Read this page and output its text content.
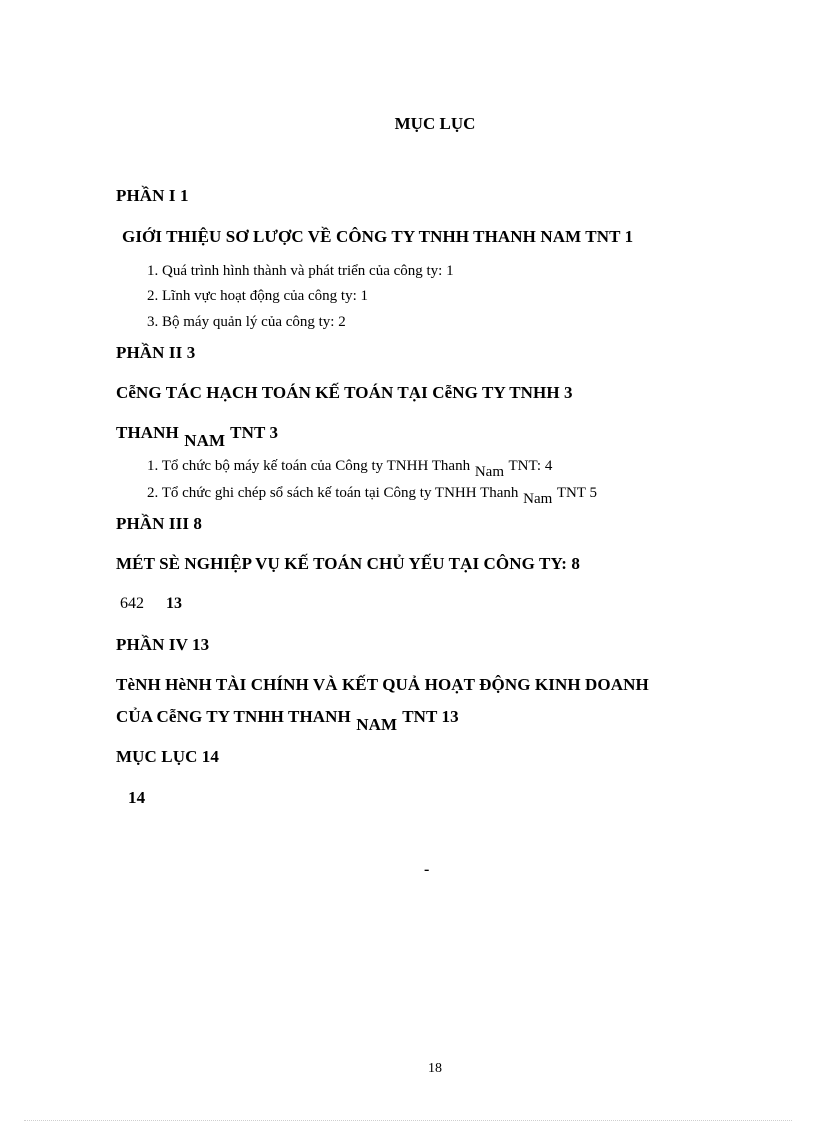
MỤC LỤC
PHẦN I 1
GIỚI THIỆU SƠ LƯỢC VỀ CÔNG TY TNHH THANH NAM TNT 1
1. Quá trình hình thành và phát triển của công ty: 1
2. Lĩnh vực hoạt động của công ty: 1
3. Bộ máy quản lý của công ty: 2
PHẦN II 3
CễNG TÁC HẠCH TOÁN KẾ TOÁN TẠI CễNG TY TNHH 3
THANH NAM TNT 3
1. Tổ chức bộ máy kế toán của Công ty TNHH Thanh Nam TNT: 4
2. Tổ chức ghi chép sổ sách kế toán tại Công ty TNHH Thanh Nam TNT 5
PHẦN III 8
MÉT SÈ NGHIỆP VỤ KẾ TOÁN CHỦ YẾU TẠI CÔNG TY: 8
642 13
PHẦN IV 13
TèNH HèNH TÀI CHÍNH VÀ KẾT QUẢ HOẠT ĐỘNG KINH DOANH
CỦA CễNG TY TNHH THANH NAM TNT 13
MỤC LỤC 14
14
-
18
